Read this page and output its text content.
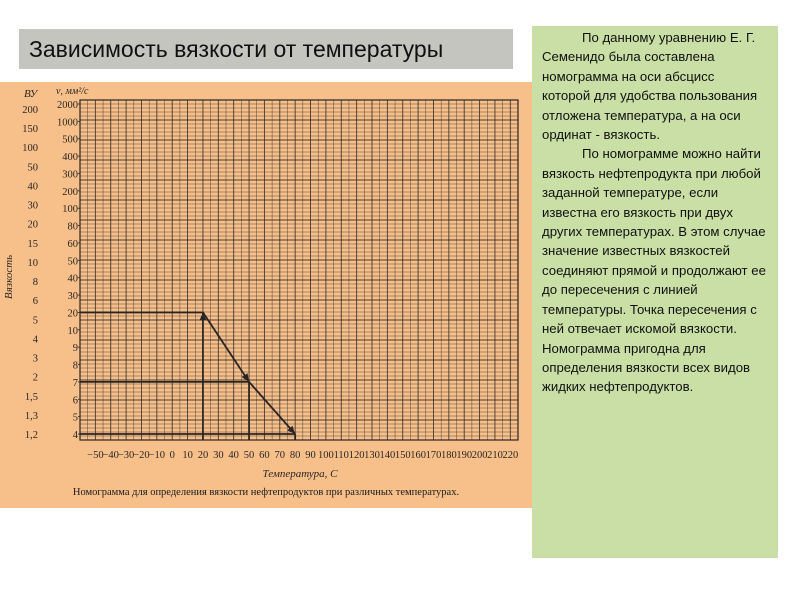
Зависимость вязкости от температуры
200
150
100
50
40
30
20
15
10
8
6
5
4
3
2
1,5
1,3
1,2
2000
1000
500
400
300
200
100
80
60
50
40
30
20
10
9
8
7
6
5
4
−50
−40
−30
−20
−10 0 10 20 30 40 50 60 70 80 90 100 110 120 130 140 150 160 170 180 190 200 210 220
ВУ ν, мм²/с
Вязкость
Температура, С
Номограмма для определения вязкости нефтепродуктов при различных температурах.

По данному уравнению Е. Г. Семенидо была составлена номограмма на оси абсцисс которой для удобства пользования отложена температура, а на оси ординат - вязкость.

По номограмме можно найти вязкость нефтепродукта при любой заданной температуре, если известна его вязкость при двух других температурах. В этом случае значение известных вязкостей соединяют прямой и продолжают ее до пересечения с линией температуры. Точка пересечения с ней отвечает искомой вязкости. Номограмма пригодна для определения вязкости всех видов жидких нефтепродуктов.
